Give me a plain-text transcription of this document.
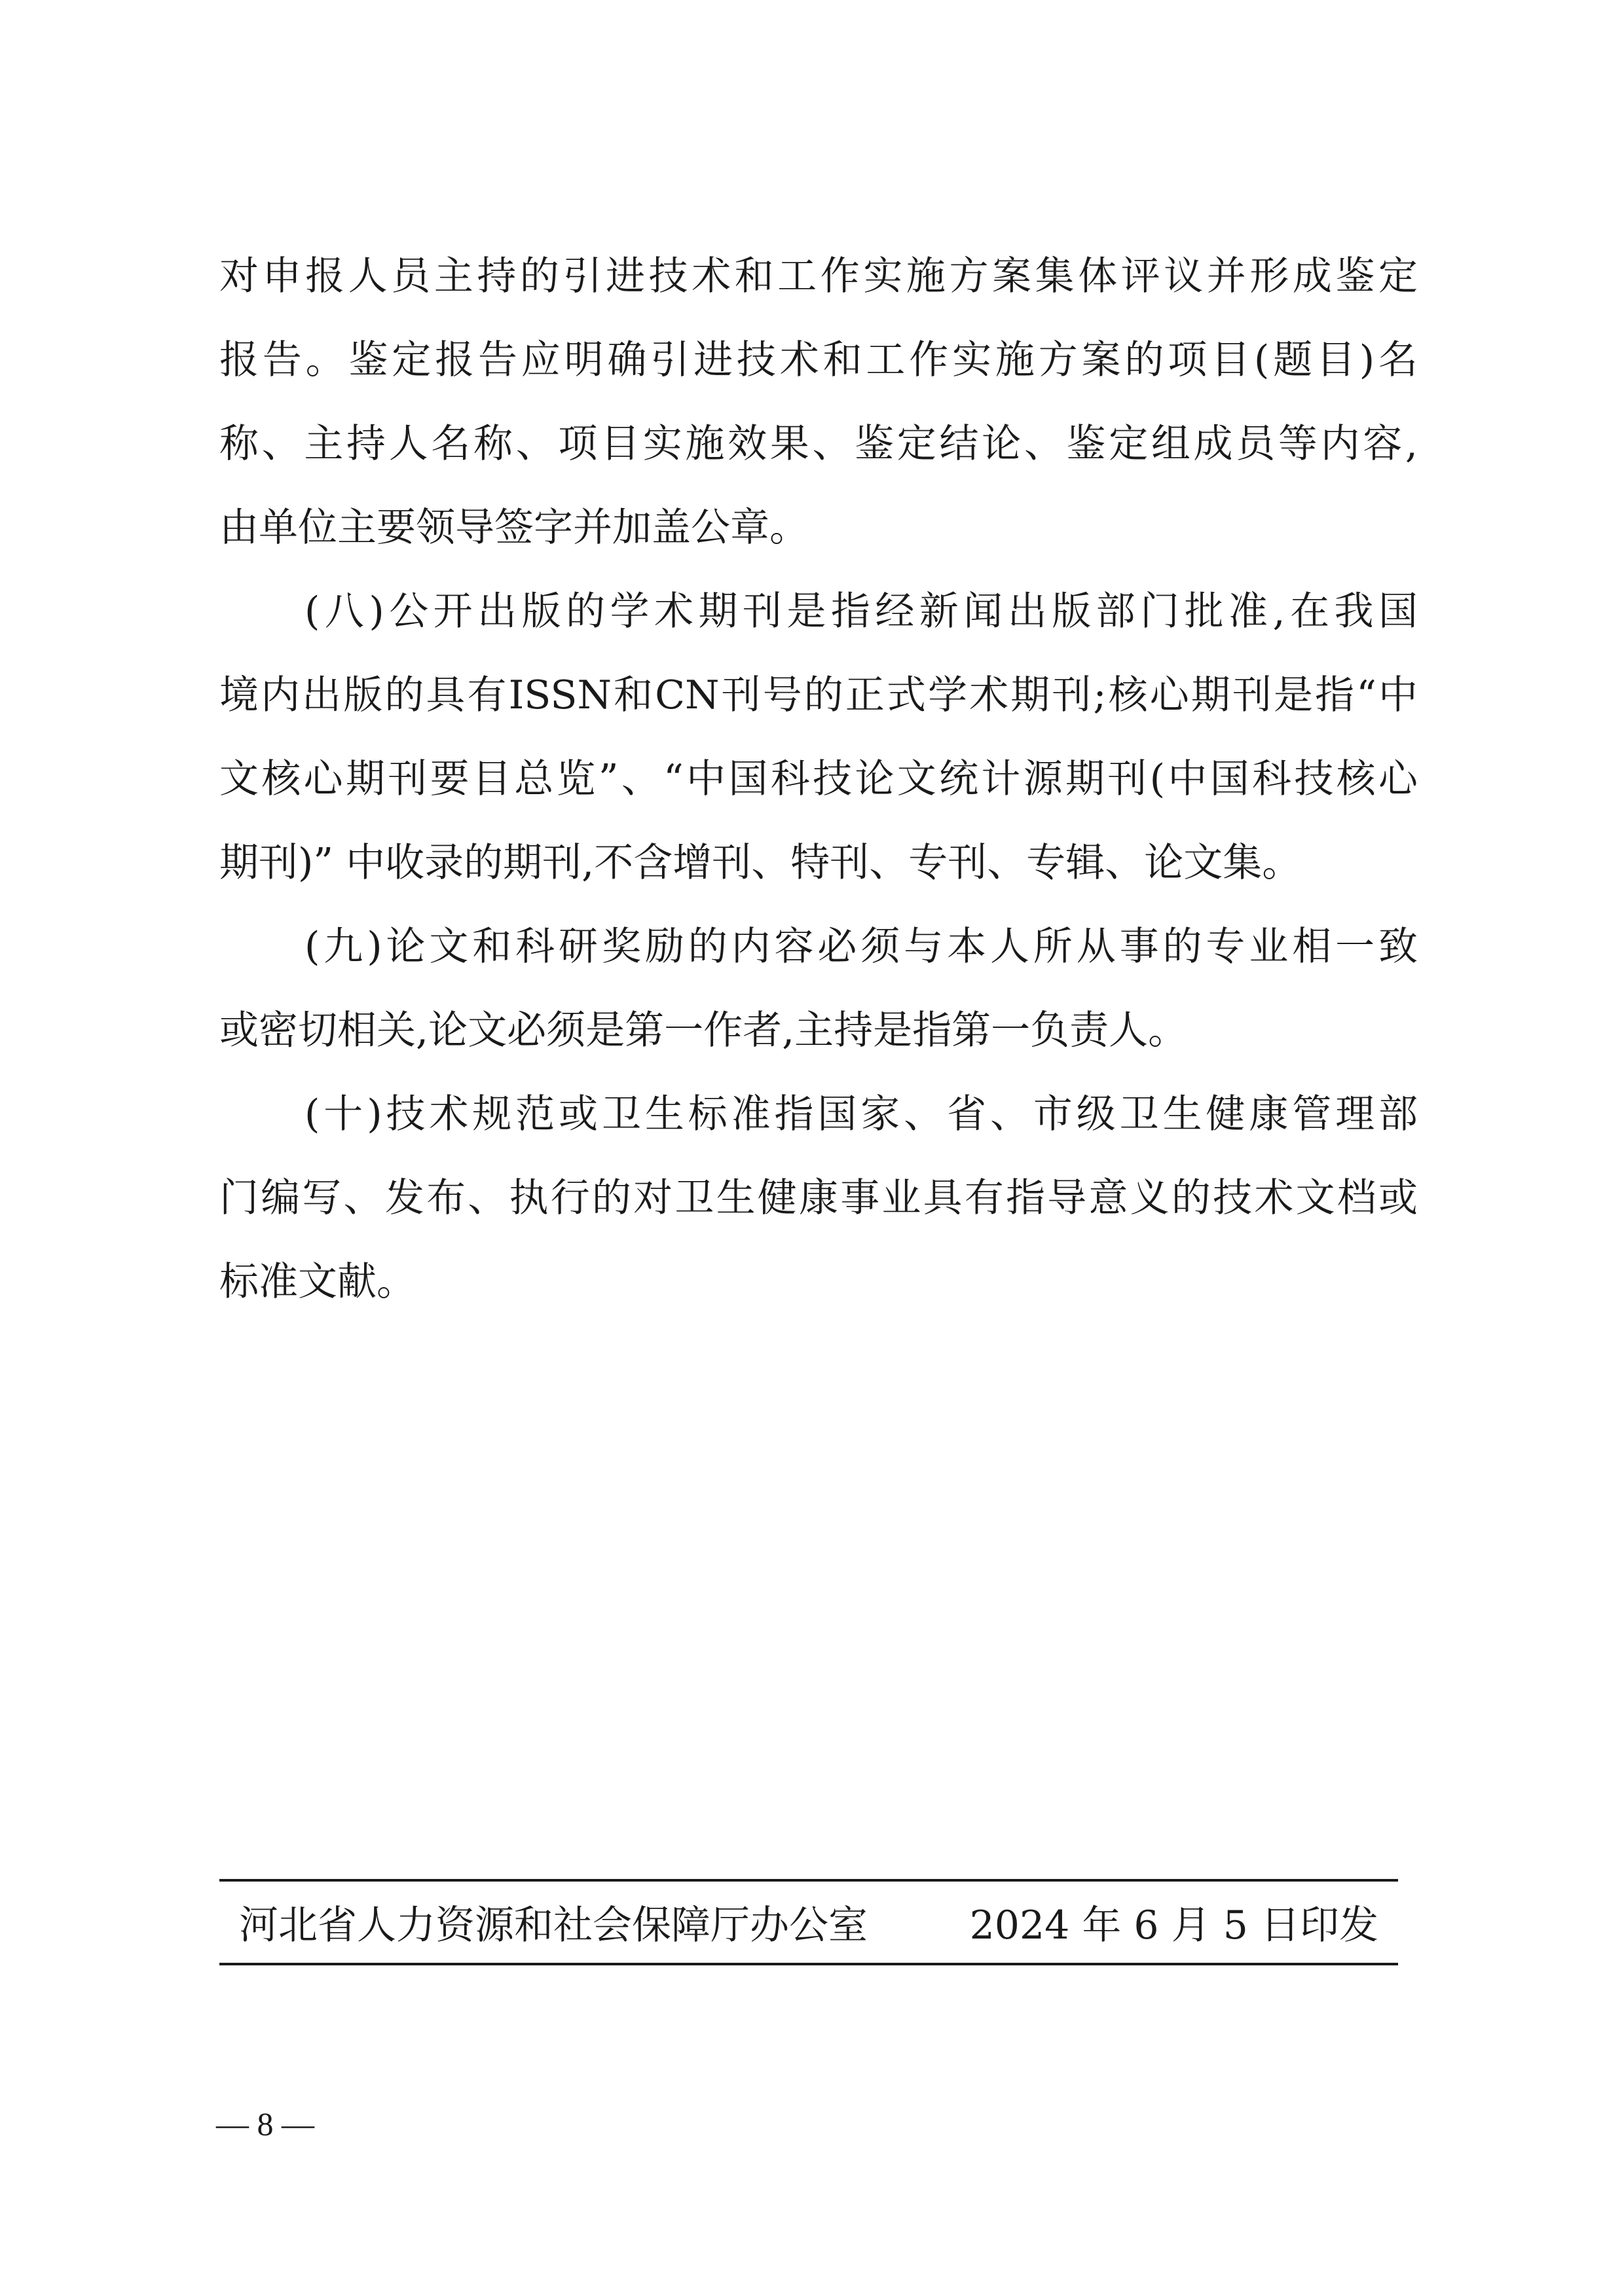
对申报人员主持的引进技术和工作实施方案集体评议并形成鉴定
报告。鉴定报告应明确引进技术和工作实施方案的项目(题目)名
称、主持人名称、项目实施效果、鉴定结论、鉴定组成员等内容,
由单位主要领导签字并加盖公章。
(八)公开出版的学术期刊是指经新闻出版部门批准,在我国
境内出版的具有ISSN和CN刊号的正式学术期刊;核心期刊是指“中
文核心期刊要目总览”、“中国科技论文统计源期刊(中国科技核心
期刊)” 中收录的期刊,不含增刊、特刊、专刊、专辑、论文集。
(九)论文和科研奖励的内容必须与本人所从事的专业相一致
或密切相关,论文必须是第一作者,主持是指第一负责人。
(十)技术规范或卫生标准指国家、省、市级卫生健康管理部
门编写、发布、执行的对卫生健康事业具有指导意义的技术文档或
标准文献。
河北省人力资源和社会保障厅办公室	2024 年 6 月 5 日印发
— 8 —
